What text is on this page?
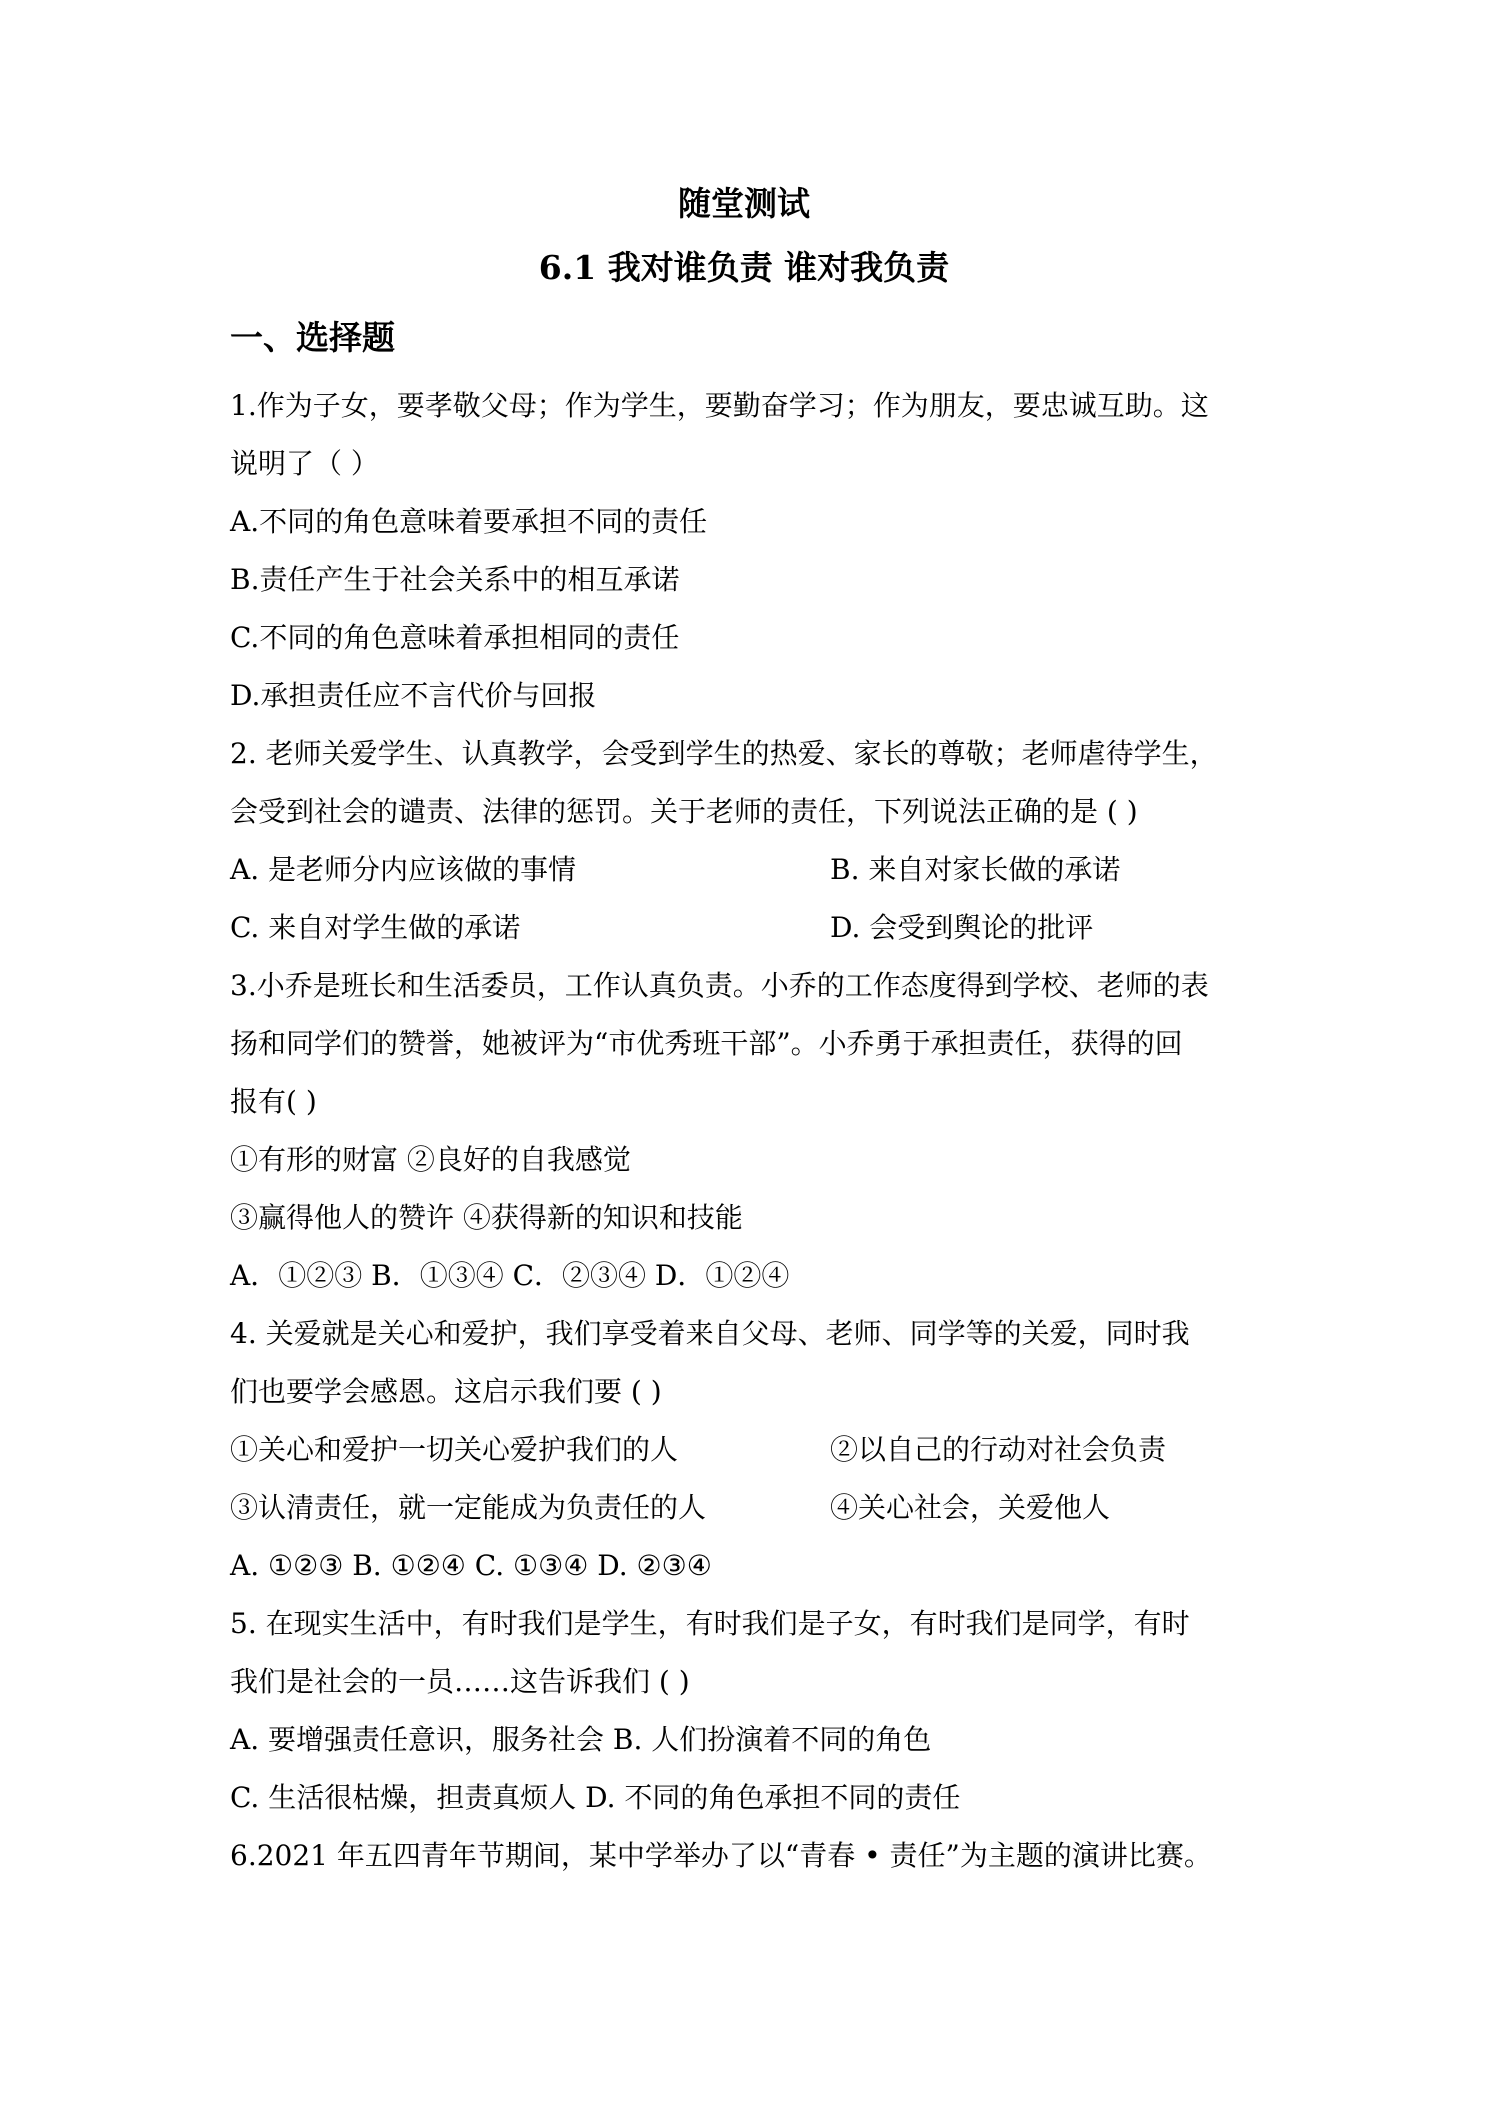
随堂测试
6.1 我对谁负责 谁对我负责
一、选择题
1.作为子女，要孝敬父母；作为学生，要勤奋学习；作为朋友，要忠诚互助。这
说明了（ ）
A.不同的角色意味着要承担不同的责任
B.责任产生于社会关系中的相互承诺
C.不同的角色意味着承担相同的责任
D.承担责任应不言代价与回报
2. 老师关爱学生、认真教学，会受到学生的热爱、家长的尊敬；老师虐待学生，
会受到社会的谴责、法律的惩罚。关于老师的责任，下列说法正确的是 ( )
A. 是老师分内应该做的事情	B. 来自对家长做的承诺
C. 来自对学生做的承诺	D. 会受到舆论的批评
3.小乔是班长和生活委员，工作认真负责。小乔的工作态度得到学校、老师的表
扬和同学们的赞誉，她被评为“市优秀班干部”。小乔勇于承担责任，获得的回
报有( )
①有形的财富 ②良好的自我感觉
③赢得他人的赞许 ④获得新的知识和技能
A．①②③ B．①③④ C．②③④ D．①②④
4. 关爱就是关心和爱护，我们享受着来自父母、老师、同学等的关爱，同时我
们也要学会感恩。这启示我们要 ( )
①关心和爱护一切关心爱护我们的人	②以自己的行动对社会负责
③认清责任，就一定能成为负责任的人	④关心社会，关爱他人
A. ①②③ B. ①②④ C. ①③④ D. ②③④
5. 在现实生活中，有时我们是学生，有时我们是子女，有时我们是同学，有时
我们是社会的一员……这告诉我们 ( )
A. 要增强责任意识，服务社会 B. 人们扮演着不同的角色
C. 生活很枯燥，担责真烦人 D. 不同的角色承担不同的责任
6.2021 年五四青年节期间，某中学举办了以“青春 • 责任”为主题的演讲比赛。
